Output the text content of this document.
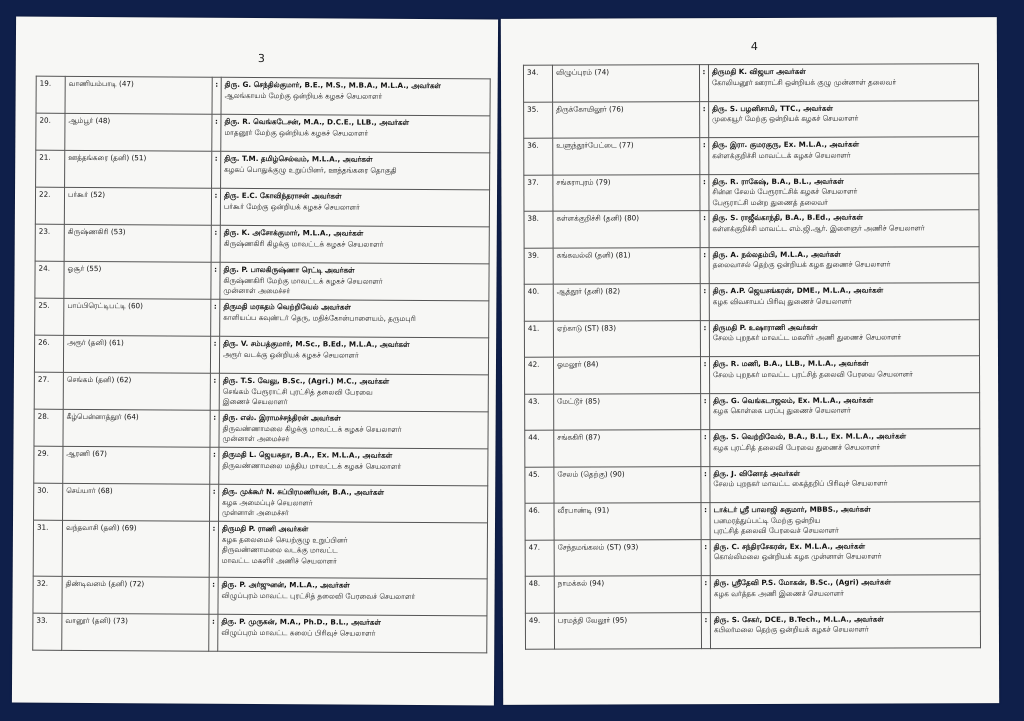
3
19.	வாணியம்பாடி (47)	:	திரு. G. செந்தில்குமார், B.E., M.S., M.B.A., M.L.A., அவர்கள்
ஆலங்காயம் மேற்கு ஒன்றியக் கழகச் செயலாளர்

20.	ஆம்பூர் (48)	:	திரு. R. வெங்கடேசன், M.A., D.C.E., LLB., அவர்கள்
மாதனூர் மேற்கு ஒன்றியக் கழகச் செயலாளர்

21.	ஊத்தங்கரை (தனி) (51)	:	திரு. T.M. தமிழ்செல்வம், M.L.A., அவர்கள்
கழகப் பொதுக்குழு உறுப்பினர், ஊத்தங்கரை தொகுதி

22.	பர்கூர் (52)	:	திரு. E.C. கோவிந்தராசன் அவர்கள்
பர்கூர் மேற்கு ஒன்றியக் கழகச் செயலாளர்

23.	கிருஷ்ணகிரி (53)	:	திரு. K. அசோக்குமார், M.L.A., அவர்கள்
கிருஷ்ணகிரி கிழக்கு மாவட்டக் கழகச் செயலாளர்

24.	ஓசூர் (55)	:	திரு. P. பாலகிருஷ்ணா ரெட்டி அவர்கள்
கிருஷ்ணகிரி மேற்கு மாவட்டக் கழகச் செயலாளர்
முன்னாள் அமைச்சர்

25.	பாப்பிரெட்டிபட்டி (60)	:	திருமதி மரகதம் வெற்றிவேல் அவர்கள்
காளியப்ப கவுண்டர் தெரு, மதிக்கோன்பாளையம், தருமபுரி

26.	அரூர் (தனி) (61)	:	திரு. V. சம்பத்குமார், M.Sc., B.Ed., M.L.A., அவர்கள்
அரூர் வடக்கு ஒன்றியக் கழகச் செயலாளர்

27.	செங்கம் (தனி) (62)	:	திரு. T.S. வேலு, B.Sc., (Agri.) M.C., அவர்கள்
செங்கம் பேரூராட்சி புரட்சித் தலைவி பேரவை
இணைச் செயலாளர்

28.	கீழ்பென்னாத்தூர் (64)	:	திரு. எஸ். இராமச்சந்திரன் அவர்கள்
திருவண்ணாமலை கிழக்கு மாவட்டக் கழகச் செயலாளர்
முன்னாள் அமைச்சர்

29.	ஆரணி (67)	:	திருமதி L. ஜெயசுதா, B.A., Ex. M.L.A., அவர்கள்
திருவண்ணாமலை மத்திய மாவட்டக் கழகச் செயலாளர்

30.	செய்யார் (68)	:	திரு. முக்கூர் N. சுப்பிரமணியன், B.A., அவர்கள்
கழக அமைப்புச் செயலாளர்
முன்னாள் அமைச்சர்

31.	வந்தவாசி (தனி) (69)	:	திருமதி P. ராணி அவர்கள்
கழக தலைமைச் செயற்குழு உறுப்பினர்
திருவண்ணாமலை வடக்கு மாவட்ட
மாவட்ட மகளிர் அணிச் செயலாளர்

32.	திண்டிவனம் (தனி) (72)	:	திரு. P. அர்ஜுனன், M.L.A., அவர்கள்
விழுப்புரம் மாவட்ட புரட்சித் தலைவி பேரவைச் செயலாளர்

33.	வானூர் (தனி) (73)	:	திரு. P. முருகன், M.A., Ph.D., B.L., அவர்கள்
விழுப்புரம் மாவட்ட கலைப் பிரிவுச் செயலாளர்
4
34.	விழுப்புரம் (74)	:	திருமதி K. விஜயா அவர்கள்
கோலியனூர் ஊராட்சி ஒன்றியக் குழு முன்னாள் தலைவர்

35.	திருக்கோயிலூர் (76)	:	திரு. S. பழனிசாமி, TTC., அவர்கள்
முகையூர் மேற்கு ஒன்றியக் கழகச் செயலாளர்

36.	உளுந்தூர்பேட்டை (77)	:	திரு. இரா. குமரகுரு, Ex. M.L.A., அவர்கள்
கள்ளக்குறிச்சி மாவட்டக் கழகச் செயலாளர்

37.	சங்கராபுரம் (79)	:	திரு. R. ராகேஷ், B.A., B.L., அவர்கள்
சின்ன சேலம் பேரூராட்சிக் கழகச் செயலாளர்
பேரூராட்சி மன்ற துணைத் தலைவர்

38.	கள்ளக்குறிச்சி (தனி) (80)	:	திரு. S. ராஜீவ்காந்தி, B.A., B.Ed., அவர்கள்
கள்ளக்குறிச்சி மாவட்ட எம்.ஜி.ஆர். இளைஞர் அணிச் செயலாளர்

39.	கங்கவல்லி (தனி) (81)	:	திரு. A. நல்லதம்பி, M.L.A., அவர்கள்
தலைவாசல் தெற்கு ஒன்றியக் கழக துணைச் செயலாளர்

40.	ஆத்தூர் (தனி) (82)	:	திரு. A.P. ஜெயசங்கரன், DME., M.L.A., அவர்கள்
கழக விவசாயப் பிரிவு துணைச் செயலாளர்

41.	ஏற்காடு (ST) (83)	:	திருமதி P. உஷாராணி அவர்கள்
சேலம் புறநகர் மாவட்ட மகளிர் அணி துணைச் செயலாளர்

42.	ஓமலூர் (84)	:	திரு. R. மணி, B.A., LLB., M.L.A., அவர்கள்
சேலம் புறநகர் மாவட்ட புரட்சித் தலைவி பேரவை செயலாளர்

43.	மேட்டூர் (85)	:	திரு. G. வெங்கடாஜலம், Ex. M.L.A., அவர்கள்
கழக கொள்கை பரப்பு துணைச் செயலாளர்

44.	சங்ககிரி (87)	:	திரு. S. வெற்றிவேல், B.A., B.L., Ex. M.L.A., அவர்கள்
கழக புரட்சித் தலைவி பேரவை துணைச் செயலாளர்

45.	சேலம் (தெற்கு) (90)	:	திரு. J. வினோத் அவர்கள்
சேலம் புறநகர் மாவட்ட கைத்தறிப் பிரிவுச் செயலாளர்

46.	வீரபாண்டி (91)	:	டாக்டர் ஸ்ரீ பாலாஜி சுகுமார், MBBS., அவர்கள்
பனமரத்துப்பட்டி மேற்கு ஒன்றிய
புரட்சித் தலைவி பேரவைச் செயலாளர்

47.	சேந்தமங்கலம் (ST) (93)	:	திரு. C. சந்திரசேகரன், Ex. M.L.A., அவர்கள்
கொல்லிமலை ஒன்றியக் கழக முன்னாள் செயலாளர்

48.	நாமக்கல் (94)	:	திரு. ஸ்ரீதேவி P.S. மோகன், B.Sc., (Agri) அவர்கள்
கழக வர்த்தக அணி இணைச் செயலாளர்

49.	பரமத்தி வேலூர் (95)	:	திரு. S. சேகர், DCE., B.Tech., M.L.A., அவர்கள்
கபிலர்மலை தெற்கு ஒன்றியக் கழகச் செயலாளர்
